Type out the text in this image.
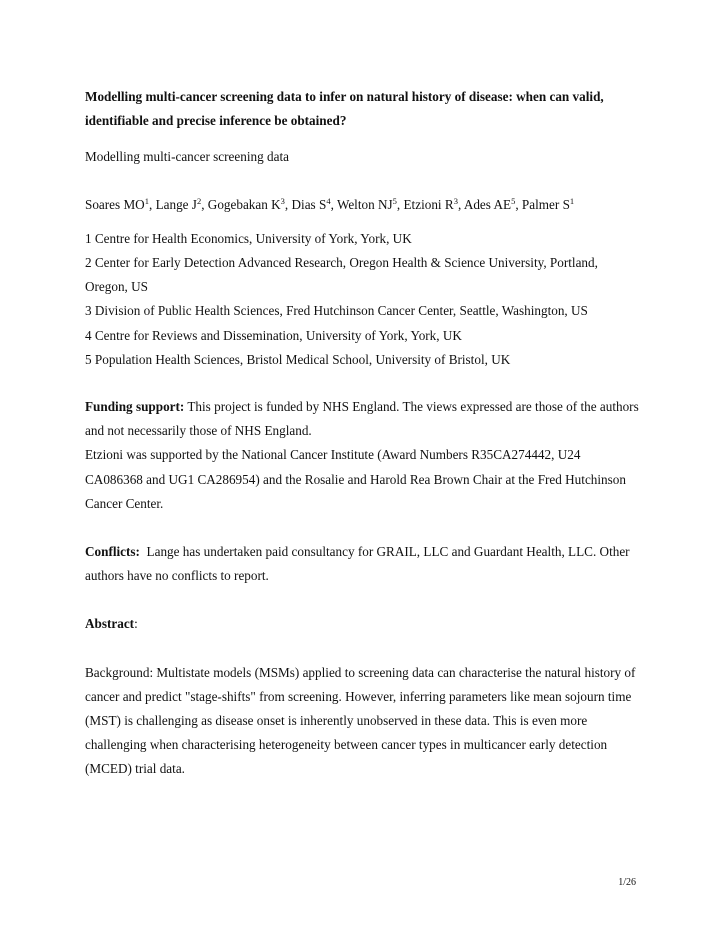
Modelling multi-cancer screening data to infer on natural history of disease: when can valid, identifiable and precise inference be obtained?

Modelling multi-cancer screening data

Soares $MO^1$, Lange $J^2$, Gogebakan $K^3$, Dias $S^4$, Welton $NJ^5$, Etzioni $R^3$, Ades $AE^5$, Palmer $S^1$

1 Centre for Health Economics, University of York, York, UK
2 Center for Early Detection Advanced Research, Oregon Health & Science University, Portland, Oregon, US
3 Division of Public Health Sciences, Fred Hutchinson Cancer Center, Seattle, Washington, US
4 Centre for Reviews and Dissemination, University of York, York, UK
5 Population Health Sciences, Bristol Medical School, University of Bristol, UK

Funding support: This project is funded by NHS England. The views expressed are those of the authors and not necessarily those of NHS England.

Etzioni was supported by the National Cancer Institute (Award Numbers R35CA274442, U24 CA086368 and UG1 CA286954) and the Rosalie and Harold Rea Brown Chair at the Fred Hutchinson Cancer Center.

Conflicts:  Lange has undertaken paid consultancy for GRAIL, LLC and Guardant Health, LLC. Other authors have no conflicts to report.

Abstract:

Background: Multistate models (MSMs) applied to screening data can characterise the natural history of cancer and predict "stage-shifts" from screening. However, inferring parameters like mean sojourn time (MST) is challenging as disease onset is inherently unobserved in these data. This is even more challenging when characterising heterogeneity between cancer types in multicancer early detection (MCED) trial data.

1/26
